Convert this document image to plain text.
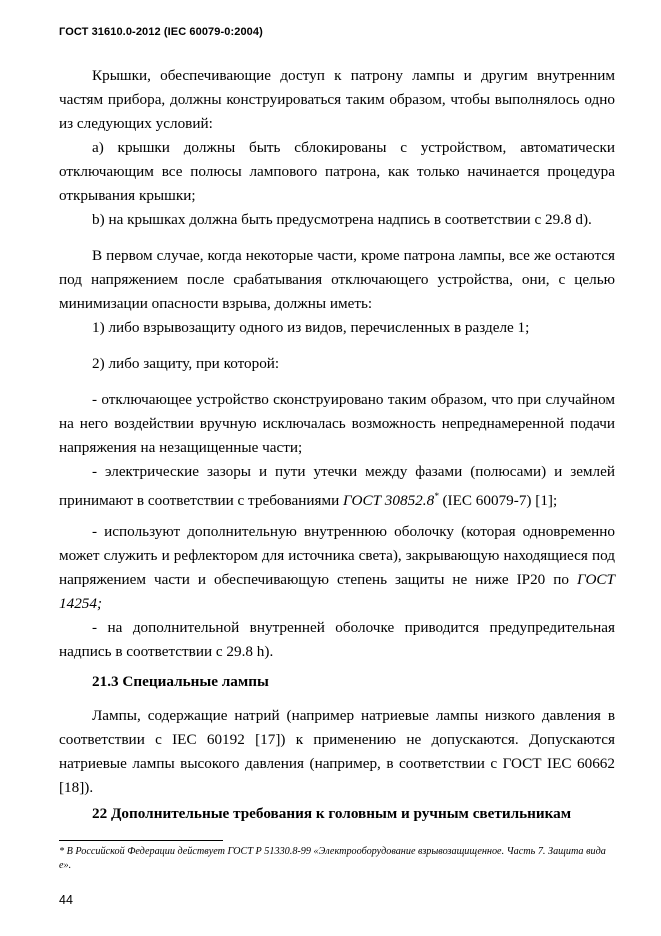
ГОСТ 31610.0-2012 (IEC 60079-0:2004)

Крышки, обеспечивающие доступ к патрону лампы и другим внутренним частям прибора, должны конструироваться таким образом, чтобы выполнялось одно из следующих условий:

а) крышки должны быть сблокированы с устройством, автоматически отключающим все полюсы лампового патрона, как только начинается процедура открывания крышки;

b) на крышках должна быть предусмотрена надпись в соответствии с 29.8 d).

В первом случае, когда некоторые части, кроме патрона лампы, все же остаются под напряжением после срабатывания отключающего устройства, они, с целью минимизации опасности взрыва, должны иметь:

1) либо взрывозащиту одного из видов, перечисленных в разделе 1;

2) либо защиту, при которой:

- отключающее устройство сконструировано таким образом, что при случайном на него воздействии вручную исключалась возможность непреднамеренной подачи напряжения на незащищенные части;

- электрические зазоры и пути утечки между фазами (полюсами) и землей принимают в соответствии с требованиями ГОСТ 30852.8* (IEC 60079-7) [1];

- используют дополнительную внутреннюю оболочку (которая одновременно может служить и рефлектором для источника света), закрывающую находящиеся под напряжением части и обеспечивающую степень защиты не ниже IP20 по ГОСТ 14254;

- на дополнительной внутренней оболочке приводится предупредительная надпись в соответствии с 29.8 h).

21.3 Специальные лампы

Лампы, содержащие натрий (например натриевые лампы низкого давления в соответствии с IEC 60192 [17]) к применению не допускаются. Допускаются натриевые лампы высокого давления (например, в соответствии с ГОСТ IEC 60662 [18]).

22 Дополнительные требования к головным и ручным светильникам
* В Российской Федерации действует ГОСТ Р 51330.8-99 «Электрооборудование взрывозащищенное. Часть 7. Защита вида е».
44
